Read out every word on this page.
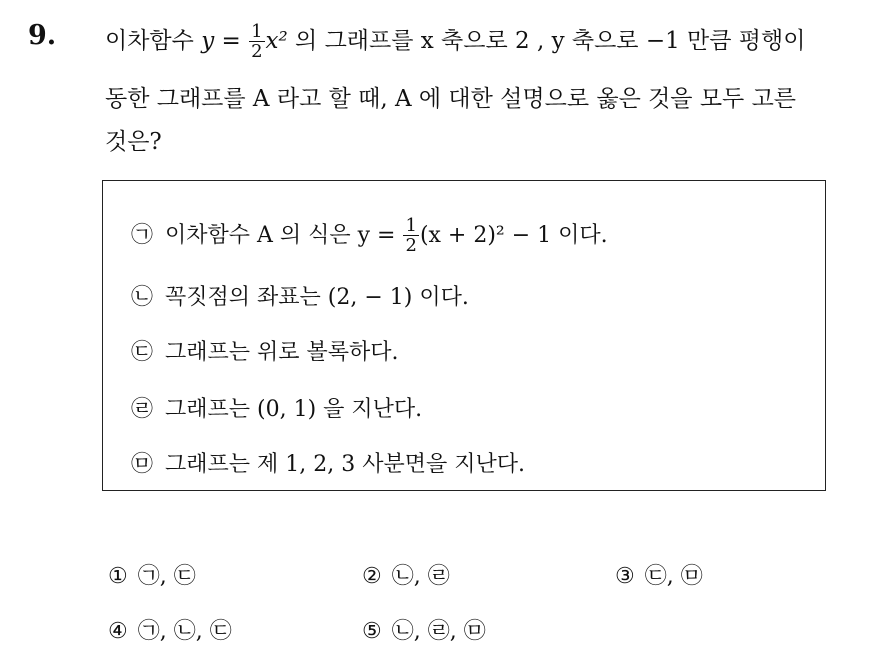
9. 이차함수 $y = \frac{1}{2} x^2$ 의 그래프를 x 축으로 2 , y 축으로 −1 만큼 평행이
동한 그래프를 A 라고 할 때, A 에 대한 설명으로 옳은 것을 모두 고른
것은?
㉠ 이차함수 A 의 식은 $y = \frac{1}{2} (x + 2)^2 - 1$ 이다.
㉡ 꼭짓점의 좌표는 (2, − 1) 이다.
㉢ 그래프는 위로 볼록하다.
㉣ 그래프는 (0, 1) 을 지난다.
㉤ 그래프는 제 1, 2, 3 사분면을 지난다.
① ㉠, ㉢	② ㉡, ㉣	③ ㉢, ㉤
④ ㉠, ㉡, ㉢	⑤ ㉡, ㉣, ㉤
